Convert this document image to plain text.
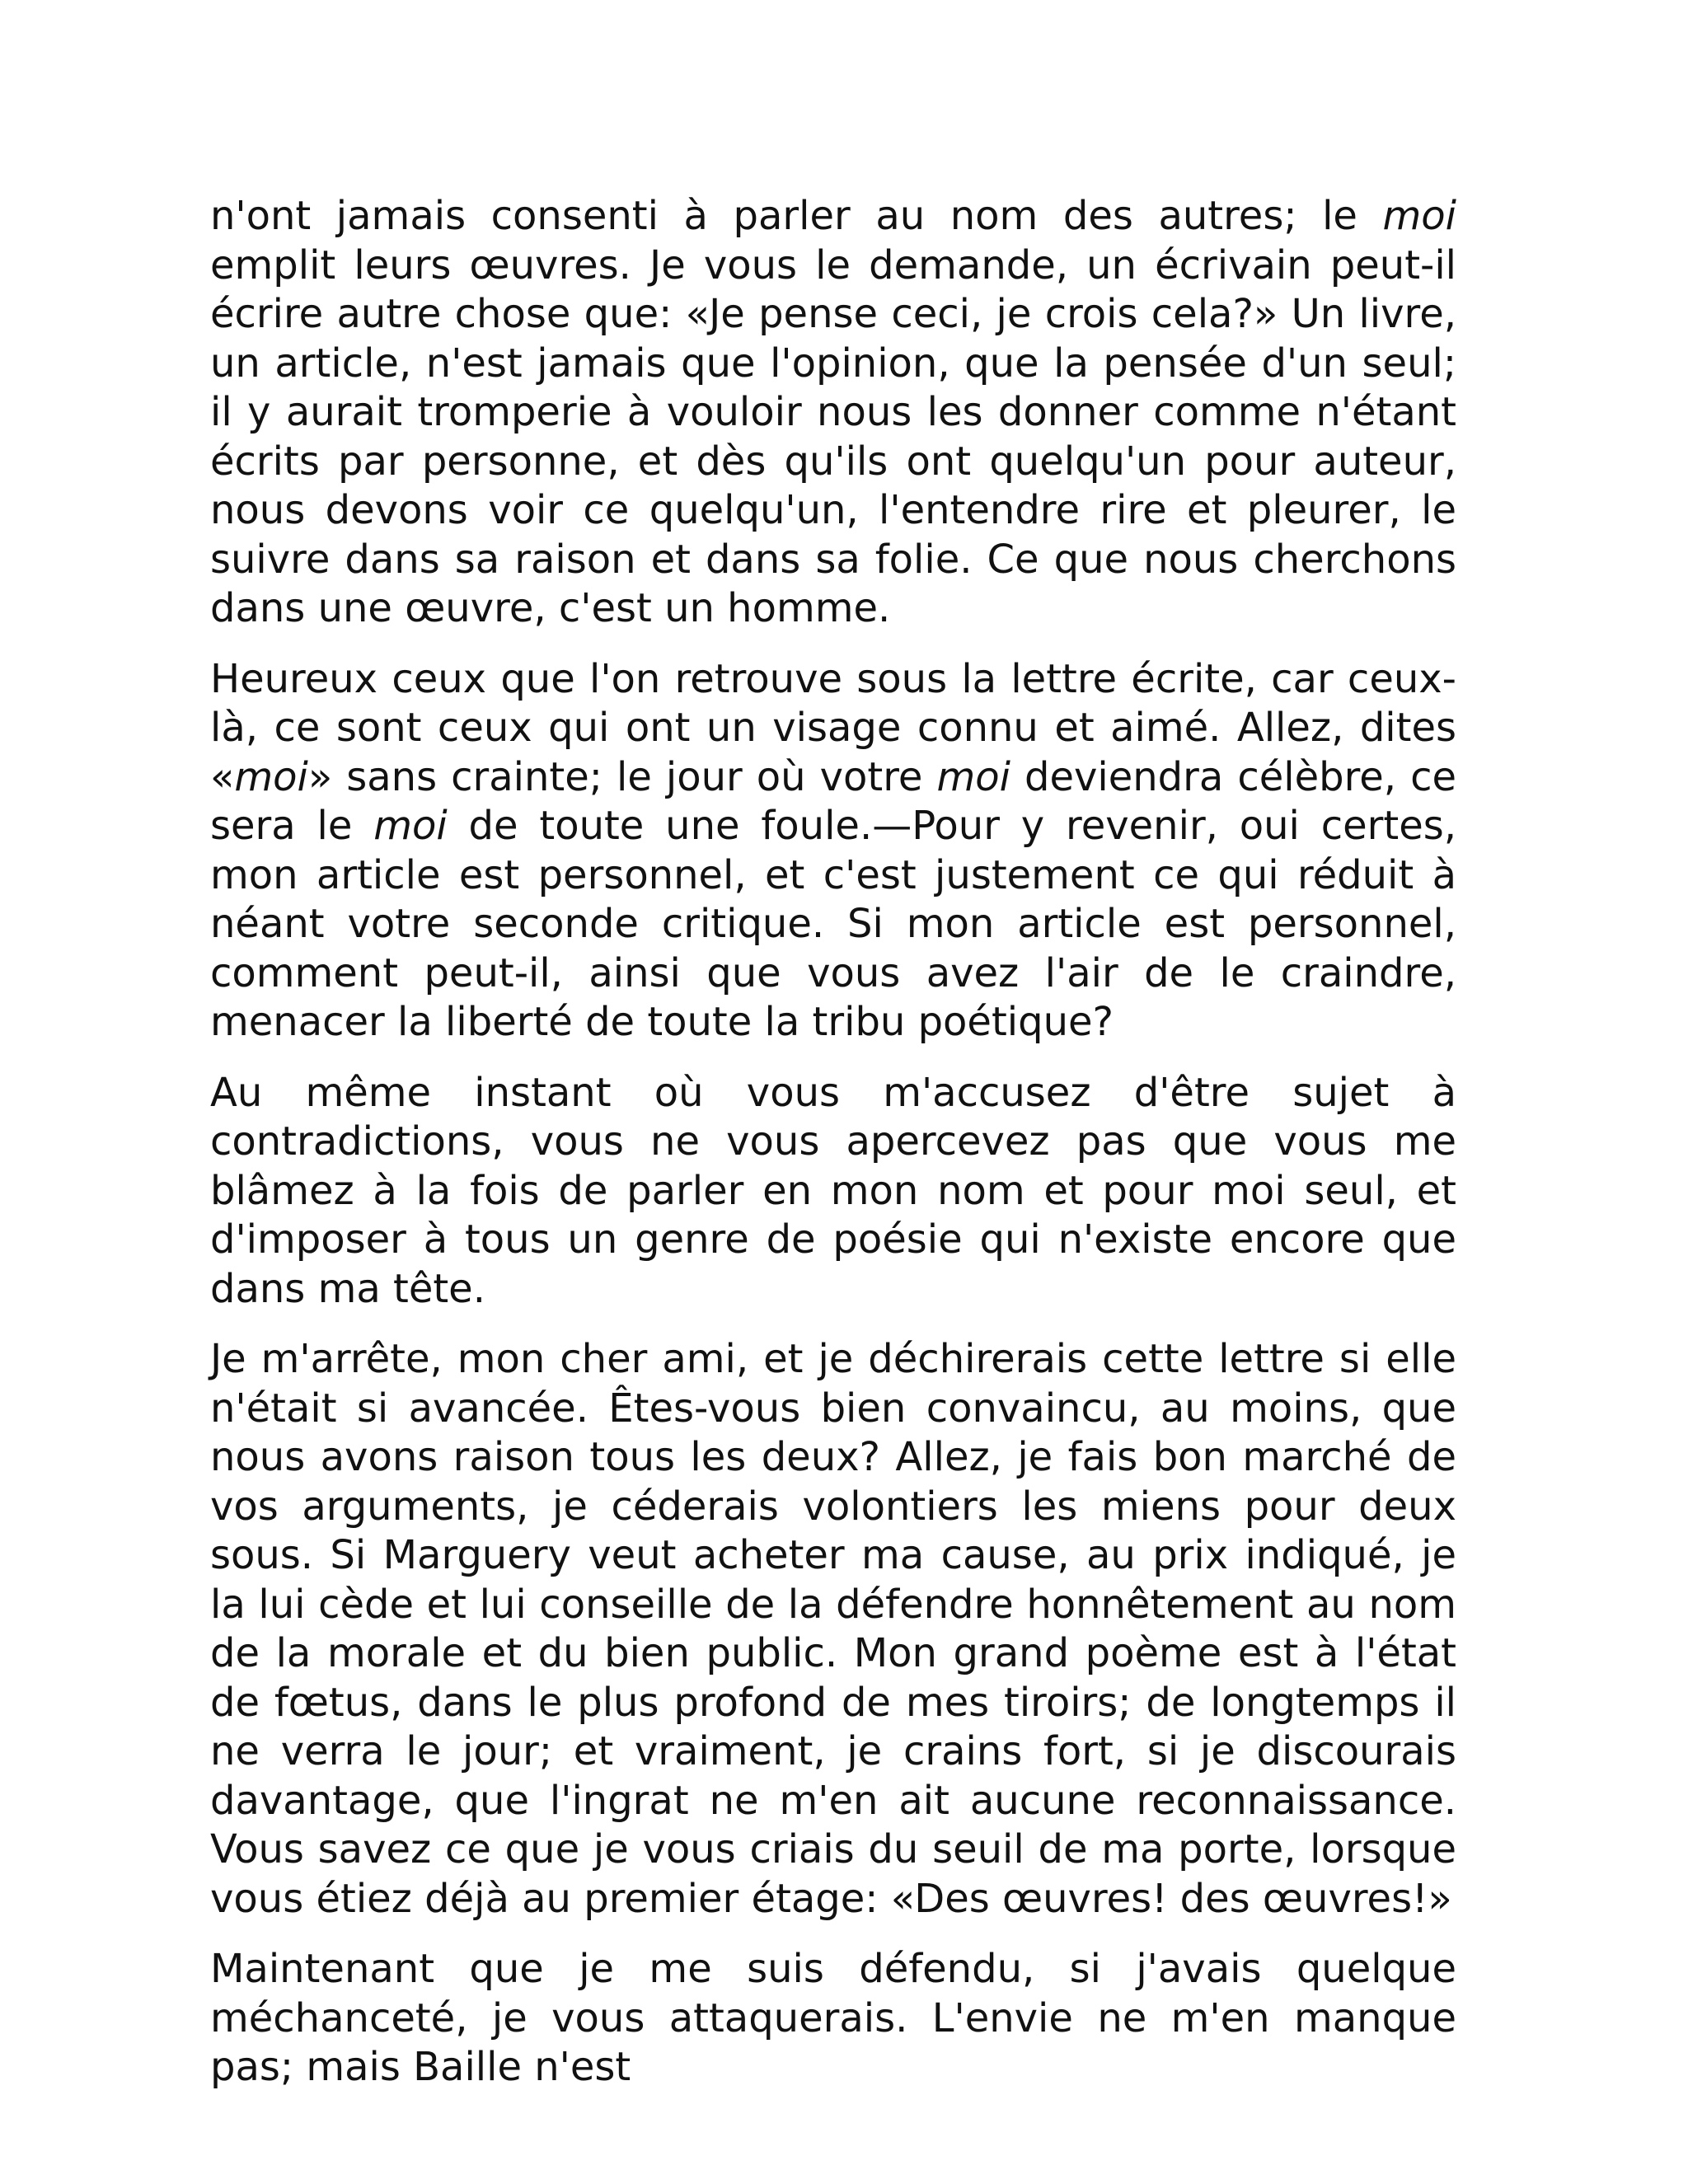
n'ont jamais consenti à parler au nom des autres; le moi emplit leurs œuvres. Je vous le demande, un écrivain peut-il écrire autre chose que: «Je pense ceci, je crois cela?» Un livre, un article, n'est jamais que l'opinion, que la pensée d'un seul; il y aurait tromperie à vouloir nous les donner comme n'étant écrits par personne, et dès qu'ils ont quelqu'un pour auteur, nous devons voir ce quelqu'un, l'entendre rire et pleurer, le suivre dans sa raison et dans sa folie. Ce que nous cherchons dans une œuvre, c'est un homme.

Heureux ceux que l'on retrouve sous la lettre écrite, car ceux-là, ce sont ceux qui ont un visage connu et aimé. Allez, dites «moi» sans crainte; le jour où votre moi deviendra célèbre, ce sera le moi de toute une foule.—Pour y revenir, oui certes, mon article est personnel, et c'est justement ce qui réduit à néant votre seconde critique. Si mon article est personnel, comment peut-il, ainsi que vous avez l'air de le craindre, menacer la liberté de toute la tribu poétique?

Au même instant où vous m'accusez d'être sujet à contradictions, vous ne vous apercevez pas que vous me blâmez à la fois de parler en mon nom et pour moi seul, et d'imposer à tous un genre de poésie qui n'existe encore que dans ma tête.

Je m'arrête, mon cher ami, et je déchirerais cette lettre si elle n'était si avancée. Êtes-vous bien convaincu, au moins, que nous avons raison tous les deux? Allez, je fais bon marché de vos arguments, je céderais volontiers les miens pour deux sous. Si Marguery veut acheter ma cause, au prix indiqué, je la lui cède et lui conseille de la défendre honnêtement au nom de la morale et du bien public. Mon grand poème est à l'état de fœtus, dans le plus profond de mes tiroirs; de longtemps il ne verra le jour; et vraiment, je crains fort, si je discourais davantage, que l'ingrat ne m'en ait aucune reconnaissance. Vous savez ce que je vous criais du seuil de ma porte, lorsque vous étiez déjà au premier étage: «Des œuvres! des œuvres!»

Maintenant que je me suis défendu, si j'avais quelque méchanceté, je vous attaquerais. L'envie ne m'en manque pas; mais Baille n'est
